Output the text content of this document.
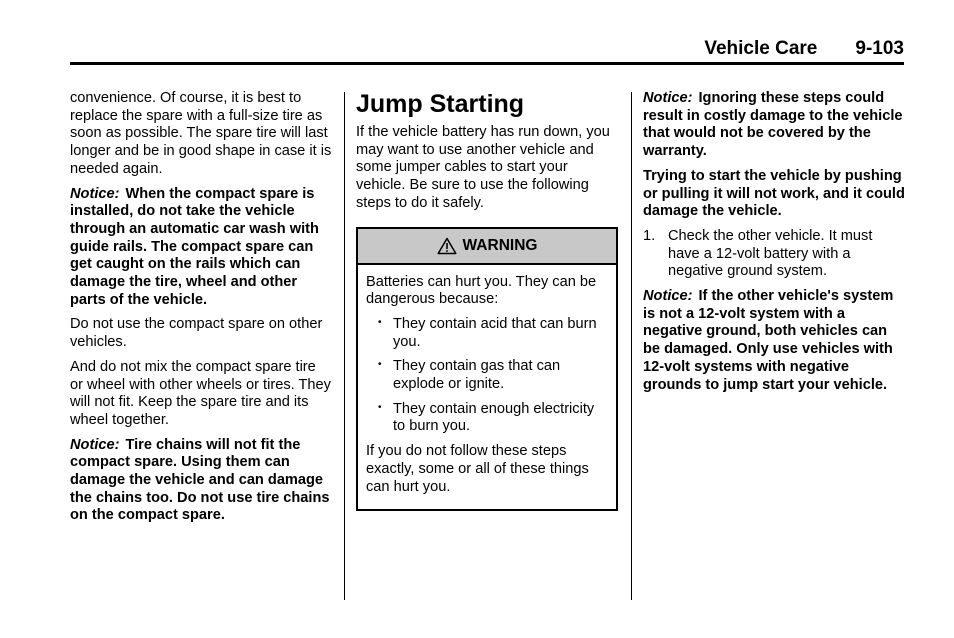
Vehicle Care 9-103

convenience. Of course, it is best to replace the spare with a full-size tire as soon as possible. The spare tire will last longer and be in good shape in case it is needed again.

Notice: When the compact spare is installed, do not take the vehicle through an automatic car wash with guide rails. The compact spare can get caught on the rails which can damage the tire, wheel and other parts of the vehicle.

Do not use the compact spare on other vehicles.

And do not mix the compact spare tire or wheel with other wheels or tires. They will not fit. Keep the spare tire and its wheel together.

Notice: Tire chains will not fit the compact spare. Using them can damage the vehicle and can damage the chains too. Do not use tire chains on the compact spare.

Jump Starting

If the vehicle battery has run down, you may want to use another vehicle and some jumper cables to start your vehicle. Be sure to use the following steps to do it safely.

WARNING

Batteries can hurt you. They can be dangerous because:

• They contain acid that can burn you.
• They contain gas that can explode or ignite.
• They contain enough electricity to burn you.

If you do not follow these steps exactly, some or all of these things can hurt you.

Notice: Ignoring these steps could result in costly damage to the vehicle that would not be covered by the warranty.

Trying to start the vehicle by pushing or pulling it will not work, and it could damage the vehicle.

1. Check the other vehicle. It must have a 12-volt battery with a negative ground system.

Notice: If the other vehicle's system is not a 12-volt system with a negative ground, both vehicles can be damaged. Only use vehicles with 12-volt systems with negative grounds to jump start your vehicle.
